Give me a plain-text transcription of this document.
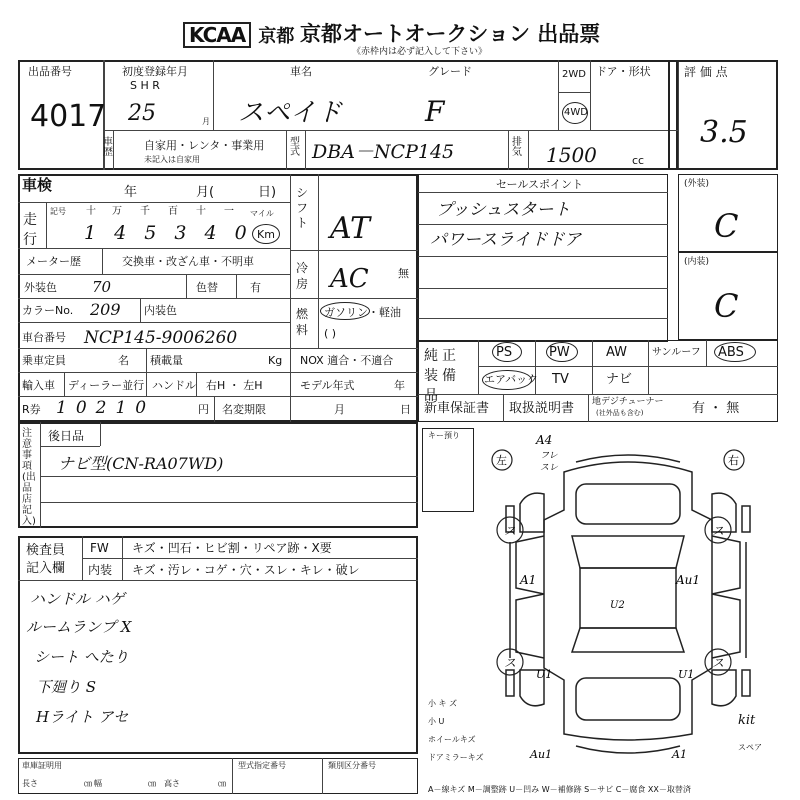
KCAA 京都 京都オートオークション 出品票
《赤枠内は必ず記入して下さい》
出品番号
4017
初度登録年月
S H R
25	月
車名
スペイド
グレード
F
2WD
4WD
ドア・形状	評 価 点
3.5
車歴
自家用・レンタ・事業用
未記入は自家用
型式 DBA－NCP145	排気 1500	cc
車検	年	月(	日)
走行
記号 十 万 千 百 十 一
1 4 5 3 4 0
マイル
Km
メーター歴	交換車・改ざん車・不明車
外装色 70	色替	有
カラーNo. 209 内装色
車台番号 NCP145-9006260
乗車定員	名 積載量	Kg NOX 適合・不適合
輸入車 ディーラー並行 ハンドル 右H ・ 左H	モデル年式	年
R券 10210	円 名変期限	月	日
シフト AT
冷房 AC	無
燃料
ガソリン・軽油
( )
セールスポイント
プッシュスタート
パワースライドドア
(外装)
C
(内装)
C
純正装備品
PS	PW	AW サンルーフ ABS
エアバック TV	ナビ
新車保証書 取扱説明書 地デジチューナー
(社外品も含む)	有 ・ 無
注意事項(出品店記入)
後日品
ナビ型(CN-RA07WD)
キー預り
検査員記入欄
FW キズ・凹石・ヒビ割・リペア跡・X要
内装 キズ・汚レ・コゲ・穴・スレ・キレ・破レ
ハンドル ハゲ
ルームランプ X
シート へたり
下廻り S
Hライト アセ
左	右
A4
フレ
スレ
ス	ス
A1	Au1
U2
ス	ス
U1	U1
Au1	A1
kit
スペア
小 キ ズ
小 U
ホイールキズ
ドアミラーキズ
車庫証明用
長さ	㎝ 幅	㎝ 高さ	㎝
型式指定番号	類別区分番号
A－線キズ M－調整跡 U－凹み W－補修跡 S－サビ C－腐食 XX－取替済
